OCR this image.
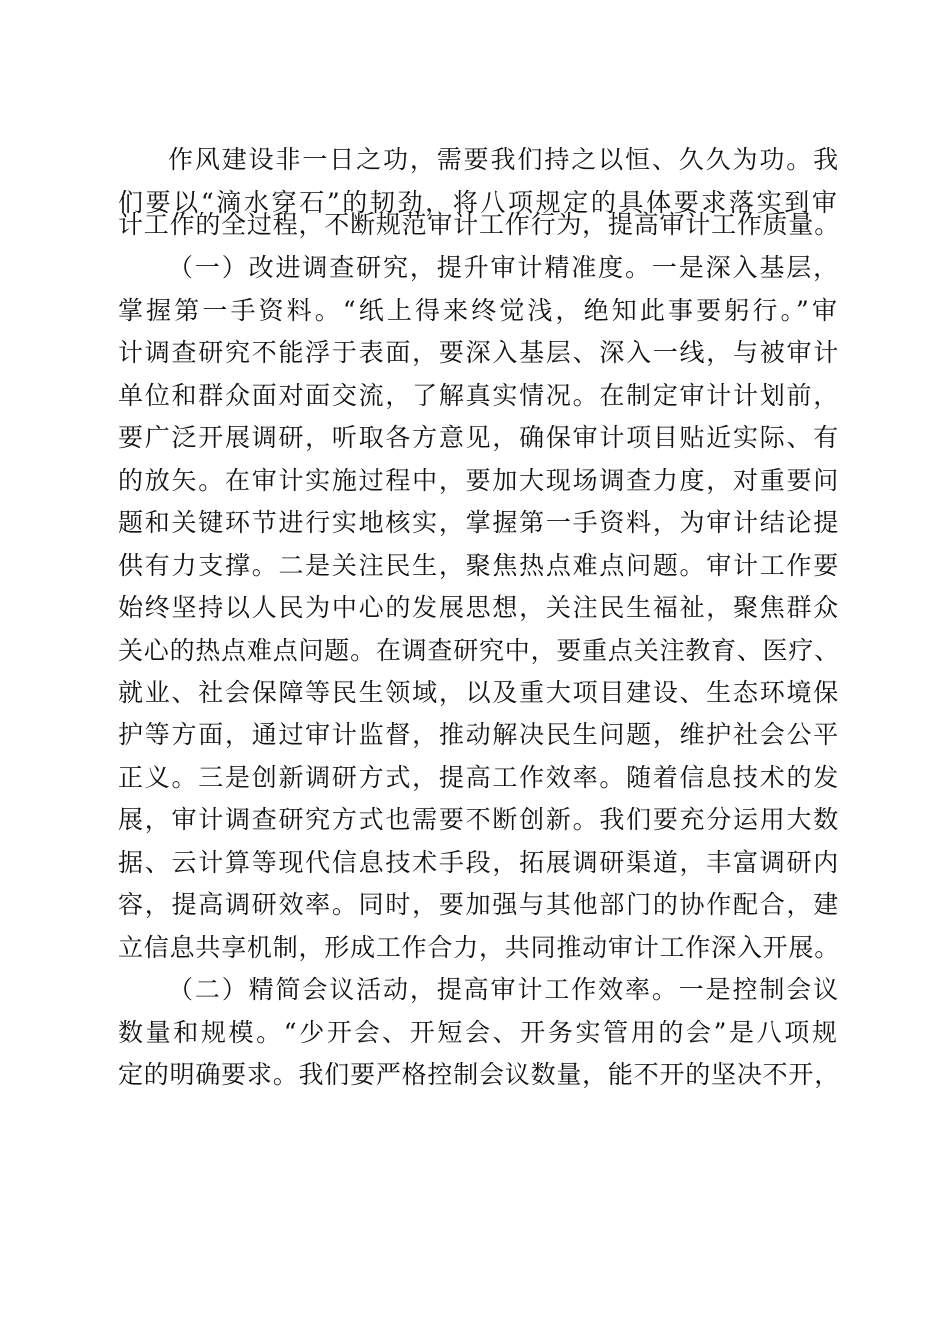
作风建设非一日之功，需要我们持之以恒、久久为功。我
们要以“滴水穿石”的韧劲，将八项规定的具体要求落实到审
计工作的全过程，不断规范审计工作行为，提高审计工作质量。
（一）改进调查研究，提升审计精准度。一是深入基层，
掌握第一手资料。“纸上得来终觉浅，绝知此事要躬行。”审
计调查研究不能浮于表面，要深入基层、深入一线，与被审计
单位和群众面对面交流，了解真实情况。在制定审计计划前，
要广泛开展调研，听取各方意见，确保审计项目贴近实际、有
的放矢。在审计实施过程中，要加大现场调查力度，对重要问
题和关键环节进行实地核实，掌握第一手资料，为审计结论提
供有力支撑。二是关注民生，聚焦热点难点问题。审计工作要
始终坚持以人民为中心的发展思想，关注民生福祉，聚焦群众
关心的热点难点问题。在调查研究中，要重点关注教育、医疗、
就业、社会保障等民生领域，以及重大项目建设、生态环境保
护等方面，通过审计监督，推动解决民生问题，维护社会公平
正义。三是创新调研方式，提高工作效率。随着信息技术的发
展，审计调查研究方式也需要不断创新。我们要充分运用大数
据、云计算等现代信息技术手段，拓展调研渠道，丰富调研内
容，提高调研效率。同时，要加强与其他部门的协作配合，建
立信息共享机制，形成工作合力，共同推动审计工作深入开展。
（二）精简会议活动，提高审计工作效率。一是控制会议
数量和规模。“少开会、开短会、开务实管用的会”是八项规
定的明确要求。我们要严格控制会议数量，能不开的坚决不开，
